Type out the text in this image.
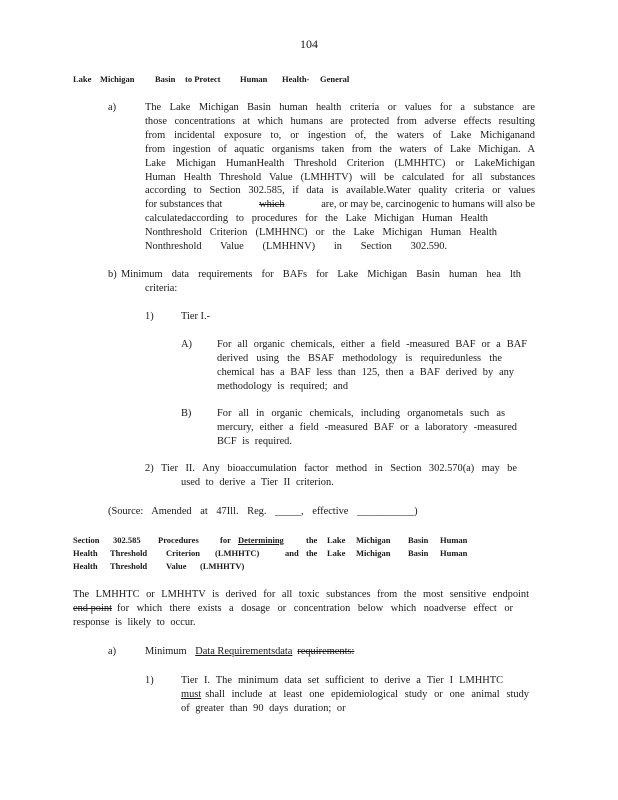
104
Lake Michigan Basin to Protect Human Health- General
a)	The Lake Michigan Basin human health criteria or values for a substance are
those concentrations at which humans are protected from adverse effects resulting
from incidental exposure to, or ingestion of, the waters of Lake Michiganand
from ingestion of aquatic organisms taken from the waters of Lake Michigan. A
Lake Michigan HumanHealth Threshold Criterion (LMHHTC) or LakeMichigan
Human Health Threshold Value (LMHHTV) will be calculated for all substances
according to Section 302.585, if data is available.Water quality criteria or values
for substances that	which	are, or may be, carcinogenic to humans will also be
calculatedaccording to procedures for the Lake Michigan Human Health
Nonthreshold Criterion (LMHHNC) or the Lake Michigan Human Health
Nonthreshold Value (LMHHNV) in Section 302.590.
b) Minimum data requirements for BAFs for Lake Michigan Basin human hea lth
criteria:
1)	Tier I.-
A) For all organic chemicals, either a field -measured BAF or a BAF
derived using the BSAF methodology is requiredunless the
chemical has a BAF less than 125, then a BAF derived by any
methodology is required; and
B) For all in organic chemicals, including organometals such as
mercury, either a field -measured BAF or a laboratory -measured
BCF is required.
2) Tier II. Any bioaccumulation factor method in Section 302.570(a) may be
used to derive a Tier II criterion.
(Source: Amended at 47Ill. Reg. _____, effective ___________)
Section 302.585 Procedures for Determining	the Lake Michigan Basin Human
Health Threshold Criterion (LMHHTC)	and the Lake Michigan Basin Human
Health Threshold Value (LMHHTV)
The LMHHTC or LMHHTV is derived for all toxic substances from the most sensitive endpoint
end point for which there exists a dosage or concentration below which noadverse effect or
response is likely to occur.
a)	Minimum Data Requirementsdata requirements:
1)	Tier I. The minimum data set sufficient to derive a Tier I LMHHTC
must shall include at least one epidemiological study or one animal study
of greater than 90 days duration; or
